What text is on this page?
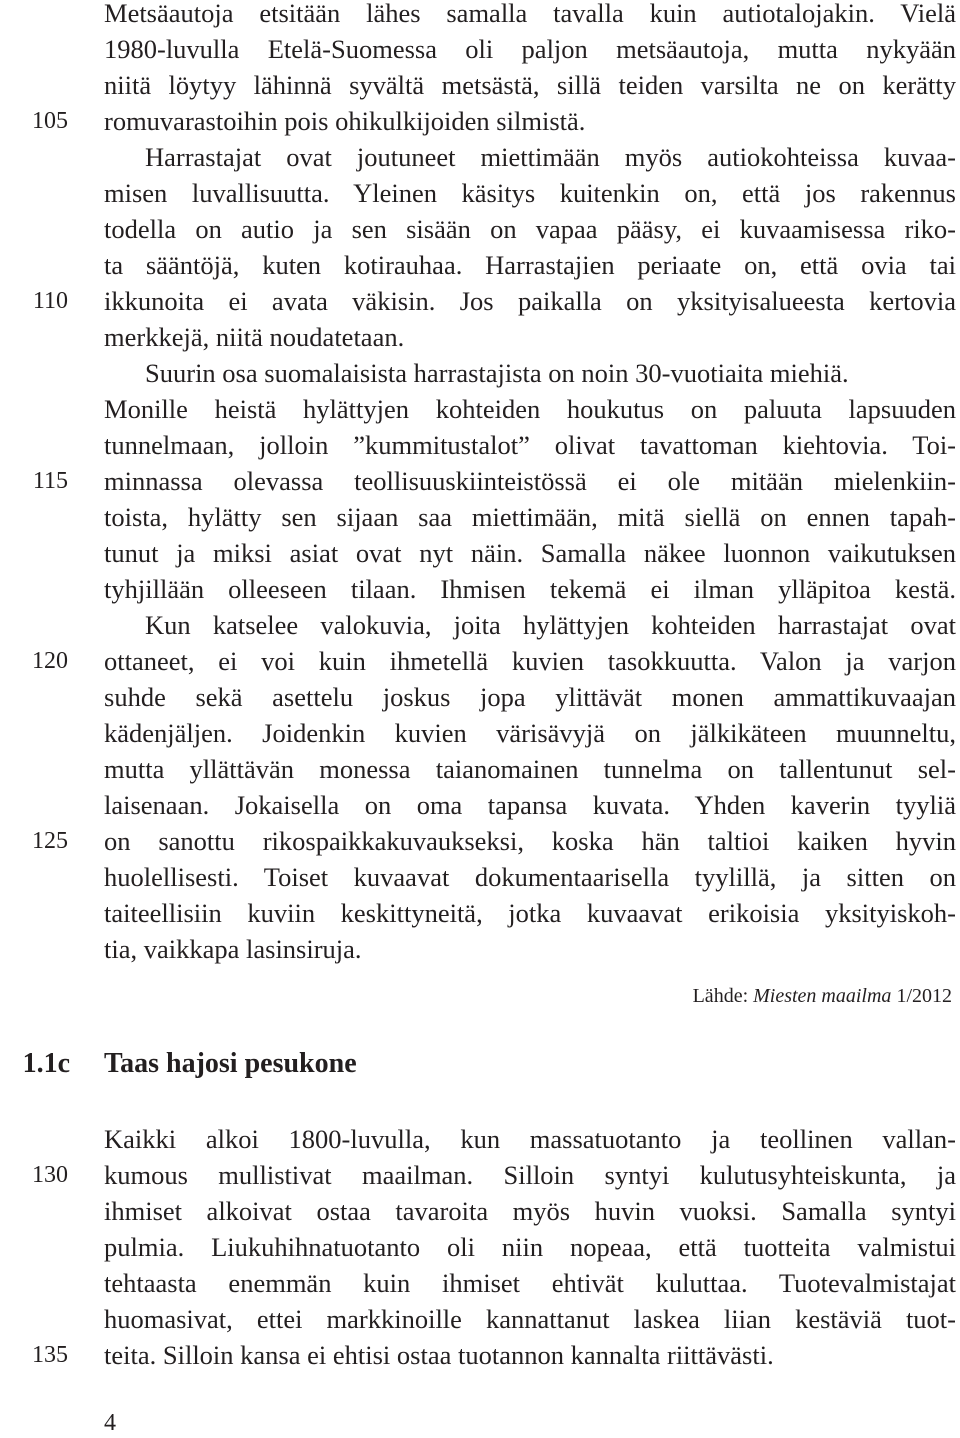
Metsäautoja etsitään lähes samalla tavalla kuin autiotalojakin. Vielä
1980-luvulla Etelä-Suomessa oli paljon metsäautoja, mutta nykyään
niitä löytyy lähinnä syvältä metsästä, sillä teiden varsilta ne on kerätty
romuvarastoihin pois ohikulkijoiden silmistä.
Harrastajat ovat joutuneet miettimään myös autiokohteissa kuvaa-
misen luvallisuutta. Yleinen käsitys kuitenkin on, että jos rakennus
todella on autio ja sen sisään on vapaa pääsy, ei kuvaamisessa riko-
ta sääntöjä, kuten kotirauhaa. Harrastajien periaate on, että ovia tai
ikkunoita ei avata väkisin. Jos paikalla on yksityisalueesta kertovia
merkkejä, niitä noudatetaan.
Suurin osa suomalaisista harrastajista on noin 30-vuotiaita miehiä.
Monille heistä hylättyjen kohteiden houkutus on paluuta lapsuuden
tunnelmaan, jolloin ”kummitustalot” olivat tavattoman kiehtovia. Toi-
minnassa olevassa teollisuuskiinteistössä ei ole mitään mielenkiin-
toista, hylätty sen sijaan saa miettimään, mitä siellä on ennen tapah-
tunut ja miksi asiat ovat nyt näin. Samalla näkee luonnon vaikutuksen
tyhjillään olleeseen tilaan. Ihmisen tekemä ei ilman ylläpitoa kestä.
Kun katselee valokuvia, joita hylättyjen kohteiden harrastajat ovat
ottaneet, ei voi kuin ihmetellä kuvien tasokkuutta. Valon ja varjon
suhde sekä asettelu joskus jopa ylittävät monen ammattikuvaajan
kädenjäljen. Joidenkin kuvien värisävyjä on jälkikäteen muunneltu,
mutta yllättävän monessa taianomainen tunnelma on tallentunut sel-
laisenaan. Jokaisella on oma tapansa kuvata. Yhden kaverin tyyliä
on sanottu rikospaikkakuvaukseksi, koska hän taltioi kaiken hyvin
huolellisesti. Toiset kuvaavat dokumentaarisella tyylillä, ja sitten on
taiteellisiin kuviin keskittyneitä, jotka kuvaavat erikoisia yksityiskoh-
tia, vaikkapa lasinsiruja.
Lähde: Miesten maailma 1/2012
1.1c Taas hajosi pesukone
Kaikki alkoi 1800-luvulla, kun massatuotanto ja teollinen vallan-
kumous mullistivat maailman. Silloin syntyi kulutusyhteiskunta, ja
ihmiset alkoivat ostaa tavaroita myös huvin vuoksi. Samalla syntyi
pulmia. Liukuhihnatuotanto oli niin nopeaa, että tuotteita valmistui
tehtaasta enemmän kuin ihmiset ehtivät kuluttaa. Tuotevalmistajat
huomasivat, ettei markkinoille kannattanut laskea liian kestäviä tuot-
teita. Silloin kansa ei ehtisi ostaa tuotannon kannalta riittävästi.
105
110
115
120
125
130
135
4
